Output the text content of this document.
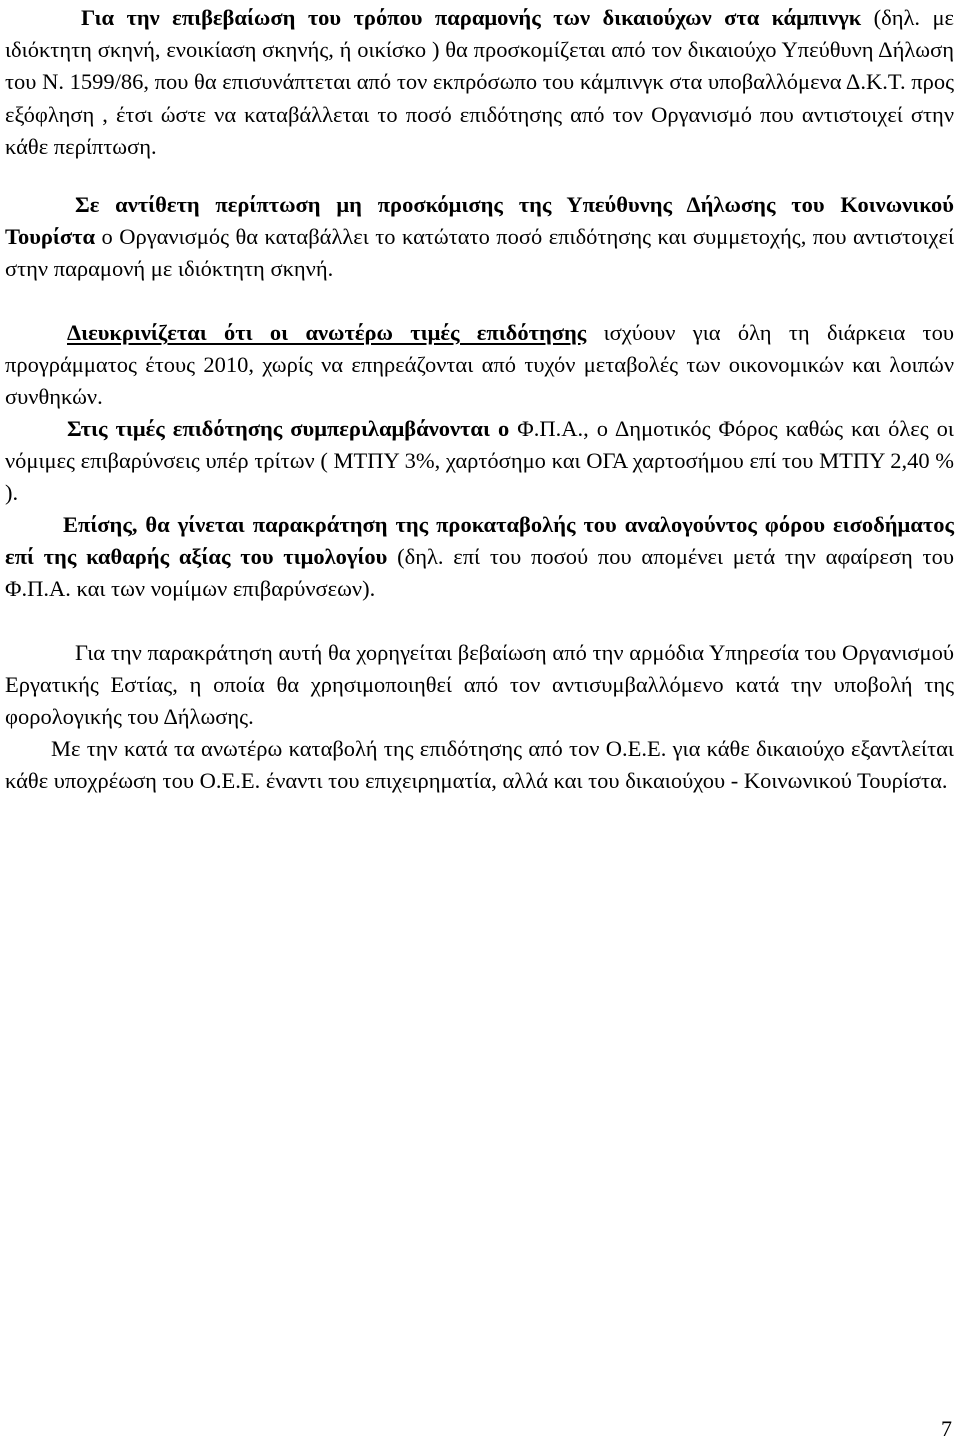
Για την επιβεβαίωση του τρόπου παραμονής των δικαιούχων στα κάμπινγκ (δηλ. με ιδιόκτητη σκηνή, ενοικίαση σκηνής, ή οικίσκο ) θα προσκομίζεται από τον δικαιούχο Υπεύθυνη Δήλωση του Ν. 1599/86, που θα επισυνάπτεται από τον εκπρόσωπο του κάμπινγκ στα υποβαλλόμενα Δ.Κ.Τ. προς εξόφληση , έτσι ώστε να καταβάλλεται το ποσό επιδότησης από τον Οργανισμό που αντιστοιχεί στην κάθε περίπτωση.

Σε αντίθετη περίπτωση μη προσκόμισης της Υπεύθυνης Δήλωσης του Κοινωνικού Τουρίστα ο Οργανισμός θα καταβάλλει το κατώτατο ποσό επιδότησης και συμμετοχής, που αντιστοιχεί στην παραμονή με ιδιόκτητη σκηνή.

Διευκρινίζεται ότι οι ανωτέρω τιμές επιδότησης ισχύουν για όλη τη διάρκεια του προγράμματος έτους 2010, χωρίς να επηρεάζονται από τυχόν μεταβολές των οικονομικών και λοιπών συνθηκών.

Στις τιμές επιδότησης συμπεριλαμβάνονται ο Φ.Π.Α., ο Δημοτικός Φόρος καθώς και όλες οι νόμιμες επιβαρύνσεις υπέρ τρίτων ( ΜΤΠΥ 3%, χαρτόσημο και ΟΓΑ χαρτοσήμου επί του ΜΤΠΥ 2,40 % ).

Επίσης, θα γίνεται παρακράτηση της προκαταβολής του αναλογούντος φόρου εισοδήματος επί της καθαρής αξίας του τιμολογίου (δηλ. επί του ποσού που απομένει μετά την αφαίρεση του Φ.Π.Α. και των νομίμων επιβαρύνσεων).

Για την παρακράτηση αυτή θα χορηγείται βεβαίωση από την αρμόδια Υπηρεσία του Οργανισμού Εργατικής Εστίας, η οποία θα χρησιμοποιηθεί από τον αντισυμβαλλόμενο κατά την υποβολή της φορολογικής του Δήλωσης.

Με την κατά τα ανωτέρω καταβολή της επιδότησης από τον Ο.Ε.Ε. για κάθε δικαιούχο εξαντλείται κάθε υποχρέωση του Ο.Ε.Ε. έναντι του επιχειρηματία, αλλά και του δικαιούχου - Κοινωνικού Τουρίστα.

7
